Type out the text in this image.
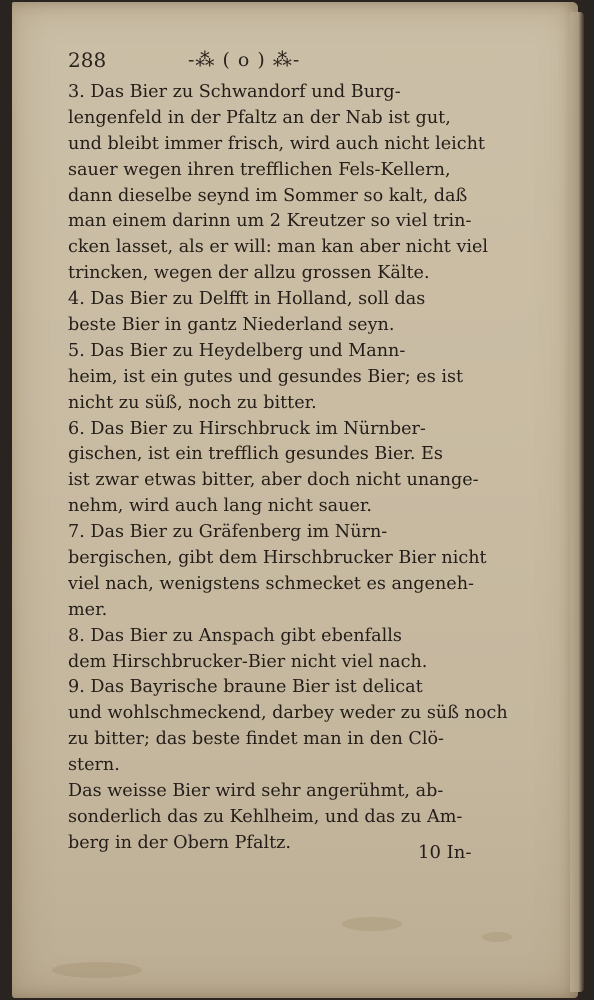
288	-⁂ ( o ) ⁂-
3. Das Bier zu Schwandorf und Burg-
lengenfeld in der Pfaltz an der Nab ist gut,
und bleibt immer frisch, wird auch nicht leicht
sauer wegen ihren trefflichen Fels-Kellern,
dann dieselbe seynd im Sommer so kalt, daß
man einem darinn um 2 Kreutzer so viel trin-
cken lasset, als er will: man kan aber nicht viel
trincken, wegen der allzu grossen Kälte.
4. Das Bier zu Delfft in Holland, soll das
beste Bier in gantz Niederland seyn.
5. Das Bier zu Heydelberg und Mann-
heim, ist ein gutes und gesundes Bier; es ist
nicht zu süß, noch zu bitter.
6. Das Bier zu Hirschbruck im Nürnber-
gischen, ist ein trefflich gesundes Bier. Es
ist zwar etwas bitter, aber doch nicht unange-
nehm, wird auch lang nicht sauer.
7. Das Bier zu Gräfenberg im Nürn-
bergischen, gibt dem Hirschbrucker Bier nicht
viel nach, wenigstens schmecket es angeneh-
mer.
8. Das Bier zu Anspach gibt ebenfalls
dem Hirschbrucker-Bier nicht viel nach.
9. Das Bayrische braune Bier ist delicat
und wohlschmeckend, darbey weder zu süß noch
zu bitter; das beste findet man in den Clö-
stern.
Das weisse Bier wird sehr angerühmt, ab-
sonderlich das zu Kehlheim, und das zu Am-
berg in der Obern Pfaltz.	10 In-
